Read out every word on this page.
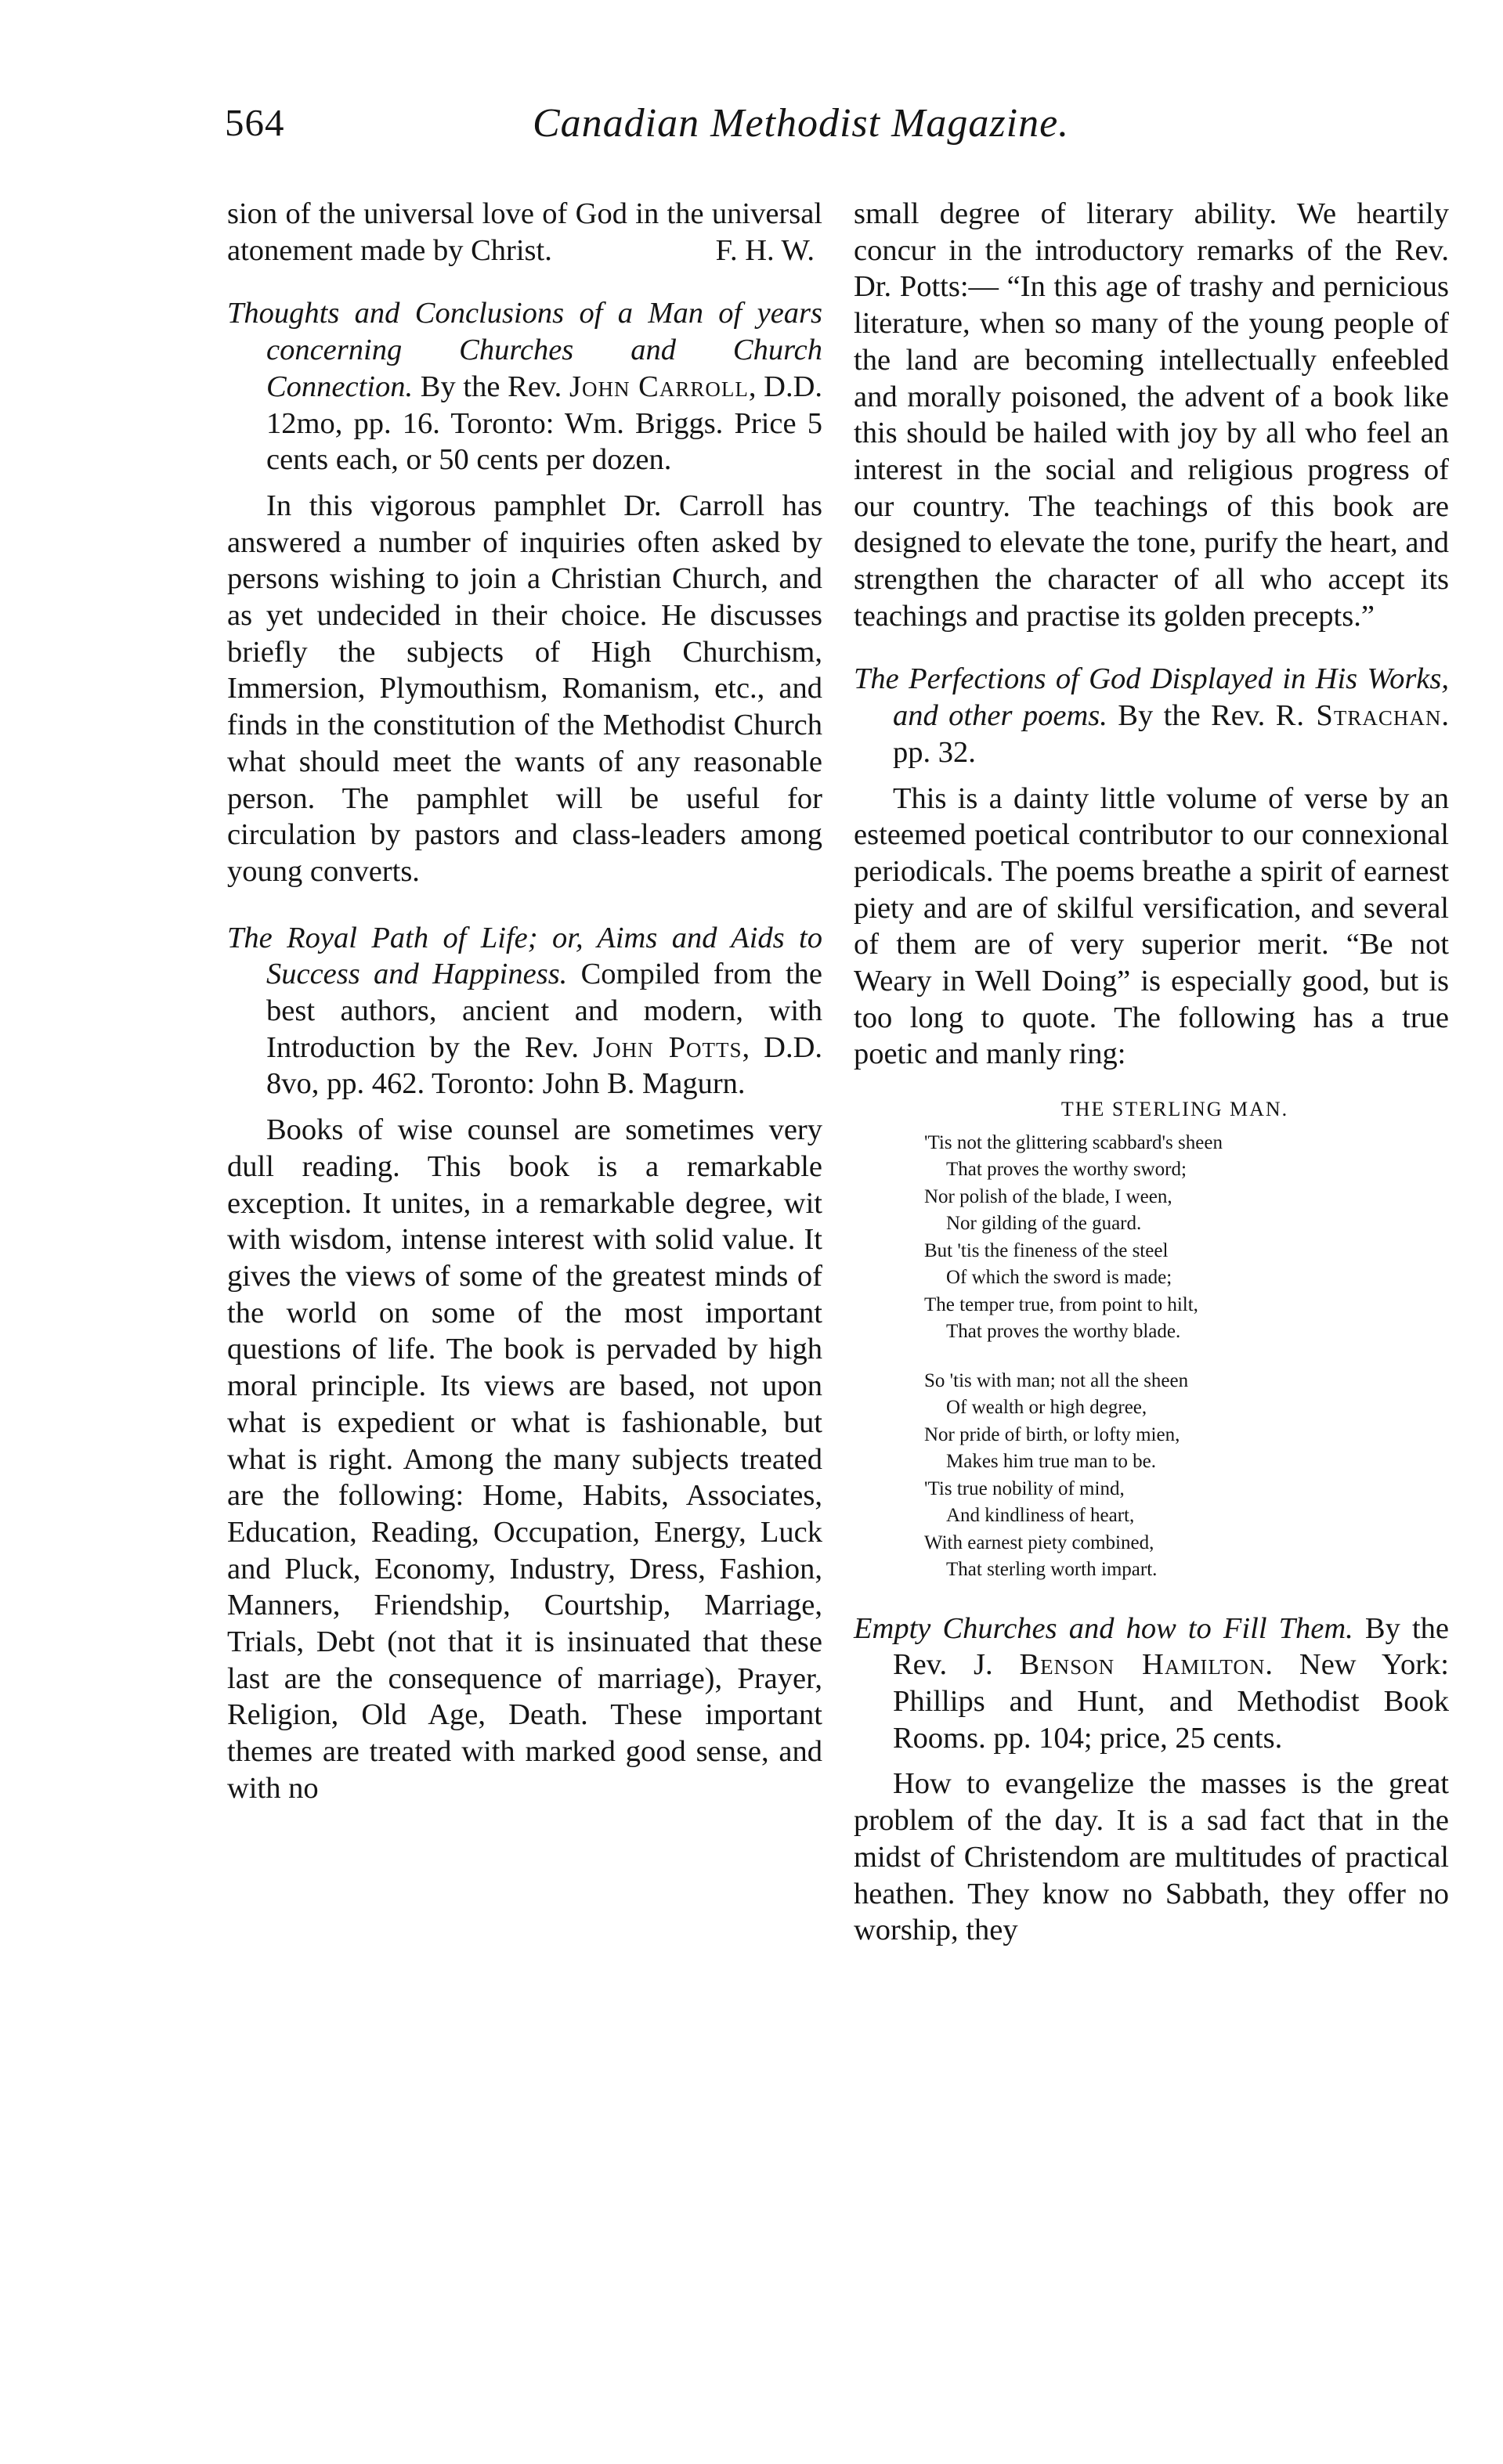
564	Canadian Methodist Magazine.

sion of the universal love of God in the universal atonement made by Christ.	F. H. W.

Thoughts and Conclusions of a Man of years concerning Churches and Church Connection. By the Rev. John Carroll, D.D. 12mo, pp. 16. Toronto: Wm. Briggs. Price 5 cents each, or 50 cents per dozen.

In this vigorous pamphlet Dr. Carroll has answered a number of inquiries often asked by persons wishing to join a Christian Church, and as yet undecided in their choice. He discusses briefly the subjects of High Churchism, Immersion, Plymouthism, Romanism, etc., and finds in the constitution of the Methodist Church what should meet the wants of any reasonable person. The pamphlet will be useful for circulation by pastors and class-leaders among young converts.

The Royal Path of Life; or, Aims and Aids to Success and Happiness. Compiled from the best authors, ancient and modern, with Introduction by the Rev. John Potts, D.D. 8vo, pp. 462. Toronto: John B. Magurn.

Books of wise counsel are sometimes very dull reading. This book is a remarkable exception. It unites, in a remarkable degree, wit with wisdom, intense interest with solid value. It gives the views of some of the greatest minds of the world on some of the most important questions of life. The book is pervaded by high moral principle. Its views are based, not upon what is expedient or what is fashionable, but what is right. Among the many subjects treated are the following: Home, Habits, Associates, Education, Reading, Occupation, Energy, Luck and Pluck, Economy, Industry, Dress, Fashion, Manners, Friendship, Courtship, Marriage, Trials, Debt (not that it is insinuated that these last are the consequence of marriage), Prayer, Religion, Old Age, Death. These important themes are treated with marked good sense, and with no

small degree of literary ability. We heartily concur in the introductory remarks of the Rev. Dr. Potts:— “In this age of trashy and pernicious literature, when so many of the young people of the land are becoming intellectually enfeebled and morally poisoned, the advent of a book like this should be hailed with joy by all who feel an interest in the social and religious progress of our country. The teachings of this book are designed to elevate the tone, purify the heart, and strengthen the character of all who accept its teachings and practise its golden precepts.”

The Perfections of God Displayed in His Works, and other poems. By the Rev. R. Strachan. pp. 32.

This is a dainty little volume of verse by an esteemed poetical contributor to our connexional periodicals. The poems breathe a spirit of earnest piety and are of skilful versification, and several of them are of very superior merit. “Be not Weary in Well Doing” is especially good, but is too long to quote. The following has a true poetic and manly ring:

THE STERLING MAN.
'Tis not the glittering scabbard's sheen
That proves the worthy sword;
Nor polish of the blade, I ween,
Nor gilding of the guard.
But 'tis the fineness of the steel
Of which the sword is made;
The temper true, from point to hilt,
That proves the worthy blade.
So 'tis with man; not all the sheen
Of wealth or high degree,
Nor pride of birth, or lofty mien,
Makes him true man to be.
'Tis true nobility of mind,
And kindliness of heart,
With earnest piety combined,
That sterling worth impart.
Empty Churches and how to Fill Them. By the Rev. J. Benson Hamilton. New York: Phillips and Hunt, and Methodist Book Rooms. pp. 104; price, 25 cents.

How to evangelize the masses is the great problem of the day. It is a sad fact that in the midst of Christendom are multitudes of practical heathen. They know no Sabbath, they offer no worship, they
